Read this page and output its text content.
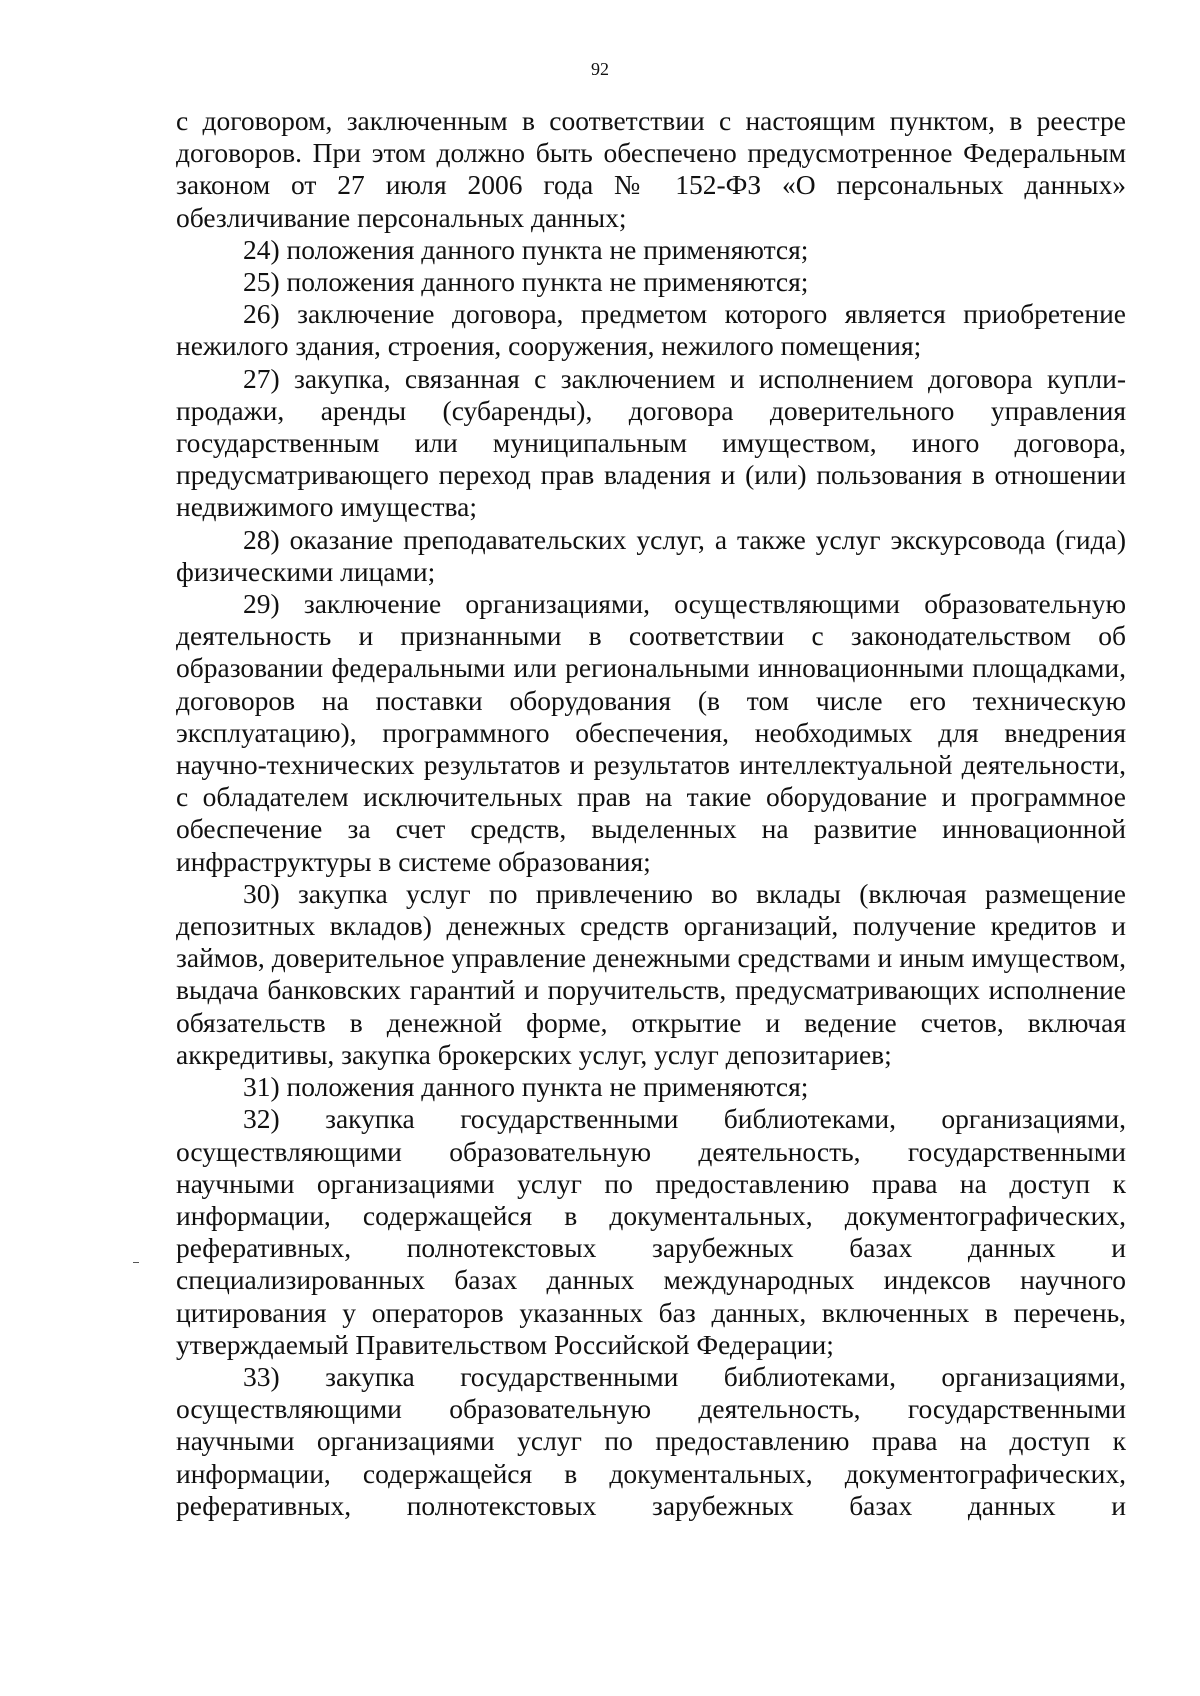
92

с договором, заключенным в соответствии с настоящим пунктом, в реестре договоров. При этом должно быть обеспечено предусмотренное Федеральным законом от 27 июля 2006 года № 152-ФЗ «О персональных данных» обезличивание персональных данных;

24) положения данного пункта не применяются;

25) положения данного пункта не применяются;

26) заключение договора, предметом которого является приобретение нежилого здания, строения, сооружения, нежилого помещения;

27) закупка, связанная с заключением и исполнением договора купли-продажи, аренды (субаренды), договора доверительного управления государственным или муниципальным имуществом, иного договора, предусматривающего переход прав владения и (или) пользования в отношении недвижимого имущества;

28) оказание преподавательских услуг, а также услуг экскурсовода (гида) физическими лицами;

29) заключение организациями, осуществляющими образовательную деятельность и признанными в соответствии с законодательством об образовании федеральными или региональными инновационными площадками, договоров на поставки оборудования (в том числе его техническую эксплуатацию), программного обеспечения, необходимых для внедрения научно-технических результатов и результатов интеллектуальной деятельности, с обладателем исключительных прав на такие оборудование и программное обеспечение за счет средств, выделенных на развитие инновационной инфраструктуры в системе образования;

30) закупка услуг по привлечению во вклады (включая размещение депозитных вкладов) денежных средств организаций, получение кредитов и займов, доверительное управление денежными средствами и иным имуществом, выдача банковских гарантий и поручительств, предусматривающих исполнение обязательств в денежной форме, открытие и ведение счетов, включая аккредитивы, закупка брокерских услуг, услуг депозитариев;

31) положения данного пункта не применяются;

32) закупка государственными библиотеками, организациями, осуществляющими образовательную деятельность, государственными научными организациями услуг по предоставлению права на доступ к информации, содержащейся в документальных, документографических, реферативных, полнотекстовых зарубежных базах данных и специализированных базах данных международных индексов научного цитирования у операторов указанных баз данных, включенных в перечень, утверждаемый Правительством Российской Федерации;

33) закупка государственными библиотеками, организациями, осуществляющими образовательную деятельность, государственными научными организациями услуг по предоставлению права на доступ к информации, содержащейся в документальных, документографических, реферативных, полнотекстовых зарубежных базах данных и
